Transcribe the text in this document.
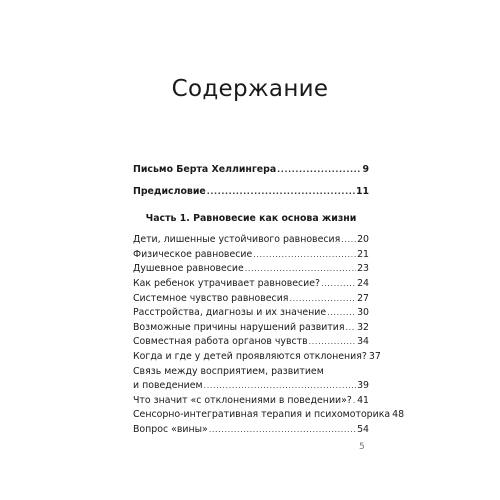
Содержание
Письмо Берта Хеллингера .....	9
Предисловие .....	11
Часть 1. Равновесие как основа жизни
Дети, лишенные устойчивого равновесия ..... 20
Физическое равновесие .....	21
Душевное равновесие .....	23
Как ребенок утрачивает равновесие? .....	24
Системное чувство равновесия .....	27
Расстройства, диагнозы и их значение .....	30
Возможные причины нарушений развития ..... 32
Совместная работа органов чувств .....	34
Когда и где у детей проявляются отклонения? 37
Связь между восприятием, развитием
и поведением .....	39
Что значит «с отклонениями в поведении»? ..... 41
Сенсорно-интегративная терапия и психомоторика 48
Вопрос «вины» .....	54
5
